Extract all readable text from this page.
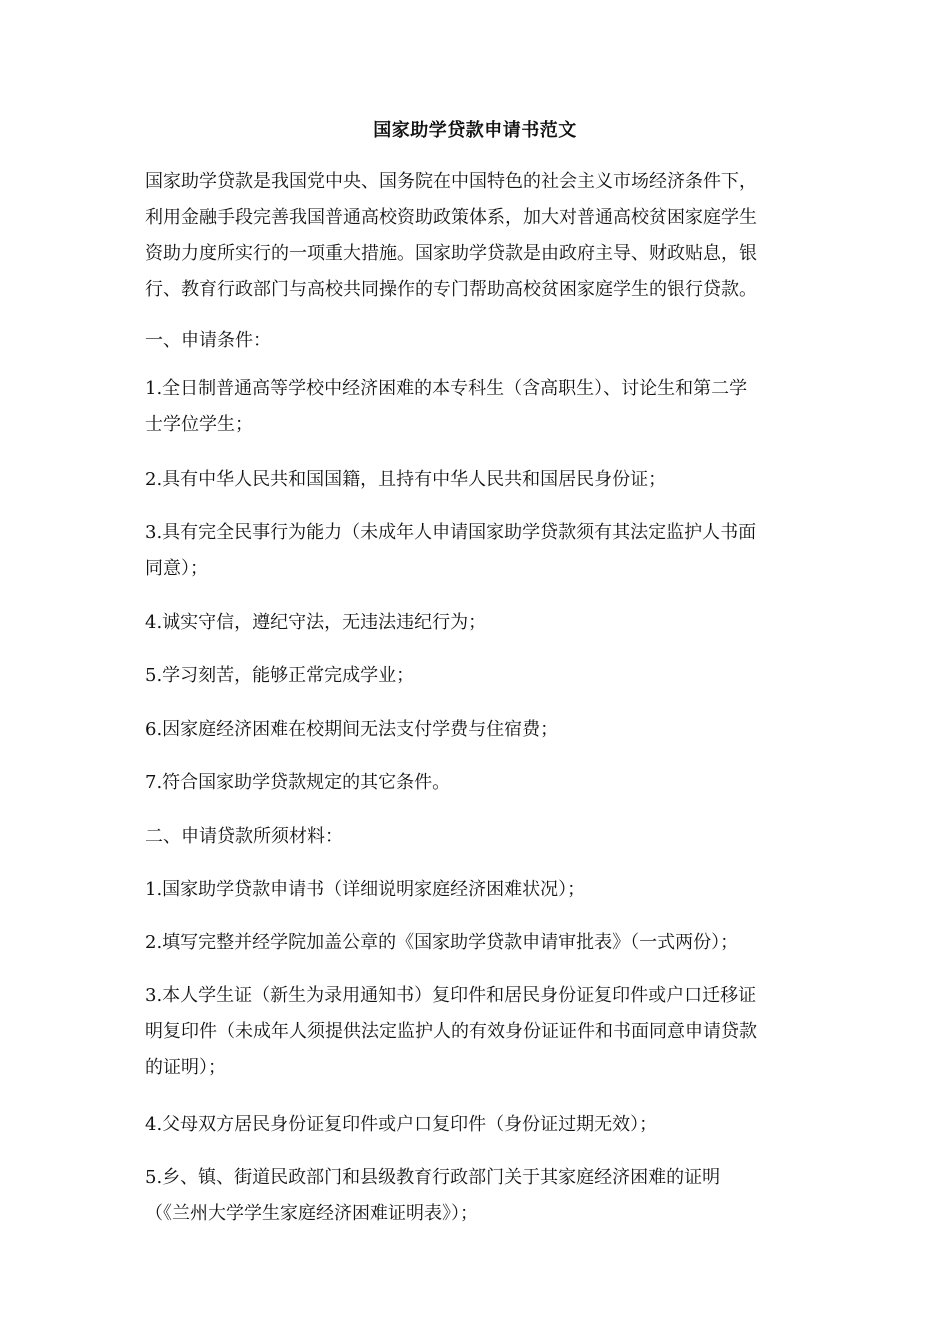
国家助学贷款申请书范文

国家助学贷款是我国党中央、国务院在中国特色的社会主义市场经济条件下，
利用金融手段完善我国普通高校资助政策体系，加大对普通高校贫困家庭学生
资助力度所实行的一项重大措施。国家助学贷款是由政府主导、财政贴息，银
行、教育行政部门与高校共同操作的专门帮助高校贫困家庭学生的银行贷款。

一、申请条件：

1.全日制普通高等学校中经济困难的本专科生（含高职生）、讨论生和第二学
士学位学生；

2.具有中华人民共和国国籍，且持有中华人民共和国居民身份证；

3.具有完全民事行为能力（未成年人申请国家助学贷款须有其法定监护人书面
同意）；

4.诚实守信，遵纪守法，无违法违纪行为；

5.学习刻苦，能够正常完成学业；

6.因家庭经济困难在校期间无法支付学费与住宿费；

7.符合国家助学贷款规定的其它条件。

二、申请贷款所须材料：

1.国家助学贷款申请书（详细说明家庭经济困难状况）；

2.填写完整并经学院加盖公章的《国家助学贷款申请审批表》（一式两份）；

3.本人学生证（新生为录用通知书）复印件和居民身份证复印件或户口迁移证
明复印件（未成年人须提供法定监护人的有效身份证证件和书面同意申请贷款
的证明）；

4.父母双方居民身份证复印件或户口复印件（身份证过期无效）；

5.乡、镇、街道民政部门和县级教育行政部门关于其家庭经济困难的证明
（《兰州大学学生家庭经济困难证明表》）；
